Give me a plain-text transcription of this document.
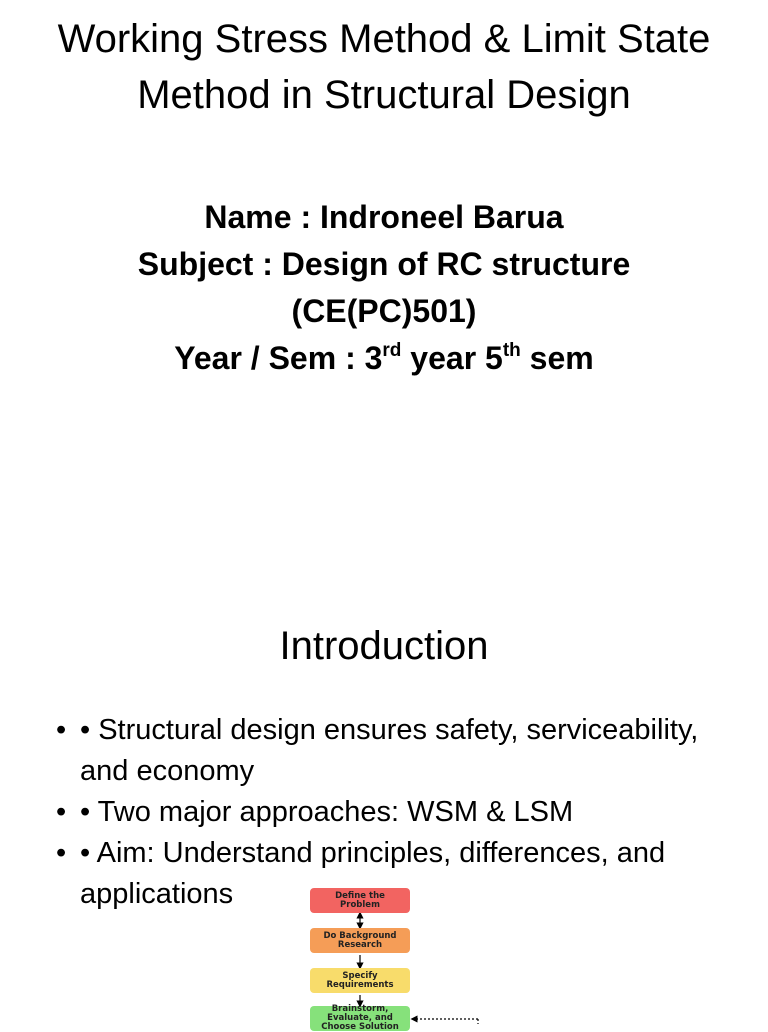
Working Stress Method & Limit State Method in Structural Design
Name : Indroneel Barua
Subject : Design of RC structure
(CE(PC)501)
Year / Sem : 3rd year 5th sem
Introduction
• • Structural design ensures safety, serviceability, and economy
• • Two major approaches: WSM & LSM
• • Aim: Understand principles, differences, and applications	Define the Problem
Do Background Research
Specify Requirements
Brainstorm, Evaluate, and Choose Solution
